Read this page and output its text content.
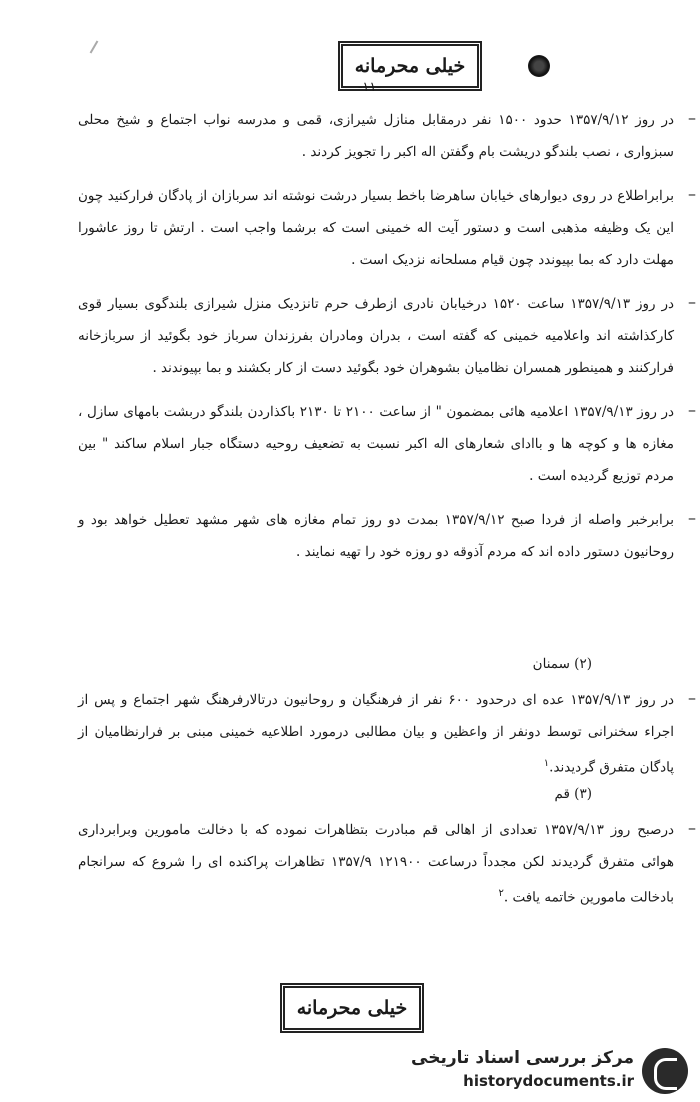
خیلی محرمانه
-۱۱-
–

در روز ۱۳۵۷/۹/۱۲ حدود ۱۵۰۰ نفر درمقابل منازل شیرازی، قمی و مدرسه نواب اجتماع و شیخ محلی سبزواری ، نصب بلندگو دریشت بام وگفتن اله اکبر را تجویز کردند .

–

برابراطلاع در روی دیوارهای خیابان ساهرضا باخط بسیار درشت نوشته اند سربازان از پادگان فرارکنید چون این یک وظیفه مذهبی است و دستور آیت اله خمینی است که برشما واجب است . ارتش تا روز عاشورا مهلت دارد که بما بپیوندد چون قیام مسلحانه نزدیک است .

–

در روز ۱۳۵۷/۹/۱۳ ساعت ۱۵۲۰ درخیابان نادری ازطرف حرم تانزدیک منزل شیرازی بلندگوی بسیار قوی کارکذاشته اند واعلامیه خمینی که گفته است ، بدران ومادران بفرزندان سرباز خود بگوئید از سربازخانه فرارکنند و همینطور همسران نظامیان بشوهران خود بگوئید دست از کار بکشند و بما بپیوندند .

–

در روز ۱۳۵۷/۹/۱۳ اعلامیه هائی بمضمون " از ساعت ۲۱۰۰ تا ۲۱۳۰ باکذاردن بلندگو دربشت بامهای سازل ، مغازه ها و کوچه ها و باادای شعارهای اله اکبر نسبت به تضعیف روحیه دستگاه جبار اسلام ساکند " بین مردم توزیع گردیده است .

–

برابرخبر واصله از فردا صبح ۱۳۵۷/۹/۱۲ بمدت دو روز تمام مغازه های شهر مشهد تعطیل خواهد بود و روحانیون دستور داده اند که مردم آذوقه دو روزه خود را تهیه نمایند .

(۲) سمنان
–

در روز ۱۳۵۷/۹/۱۳ عده ای درحدود ۶۰۰ نفر از فرهنگیان و روحانیون درتالارفرهنگ شهر اجتماع و پس از اجراء سخنرانی توسط دونفر از واعظین و بیان مطالبی درمورد اطلاعیه خمینی مبنی بر فرارنظامیان از پادگان متفرق گردیدند.$^۱$

(۳) قم
–

درصبح روز ۱۳۵۷/۹/۱۳ تعدادی از اهالی قم مبادرت بتظاهرات نموده که با دخالت مامورین وبرابرداری هوائی متفرق گردیدند لکن مجدداً درساعت ۱۲۱۹۰۰ ۱۳۵۷/۹ تظاهرات پراکنده ای را شروع که سرانجام بادخالت مامورین خاتمه یافت .$^۲$

خیلی محرمانه
مرکز بررسی اسناد تاریخی
historydocuments.ir
